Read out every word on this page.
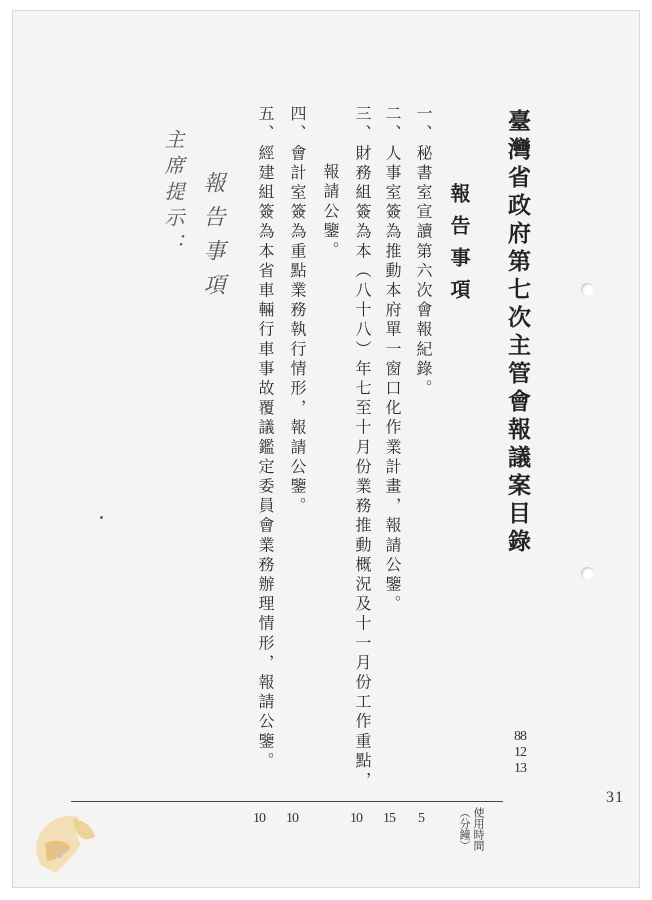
臺灣省政府第七次主管會報議案目錄
報告事項
一、秘書室宣讀第六次會報紀錄。
二、人事室簽為推動本府單一窗口化作業計畫，報請公鑒。
三、財務組簽為本（八十八）年七至十月份業務推動概況及十一月份工作重點，
報請公鑒。
四、會計室簽為重點業務執行情形，報請公鑒。
五、經建組簽為本省車輛行車事故覆議鑑定委員會業務辦理情形，報請公鑒。	88
12
13
31
使用時間
（分鐘）
5
15
10
10
10
報告事項
主席提示：
